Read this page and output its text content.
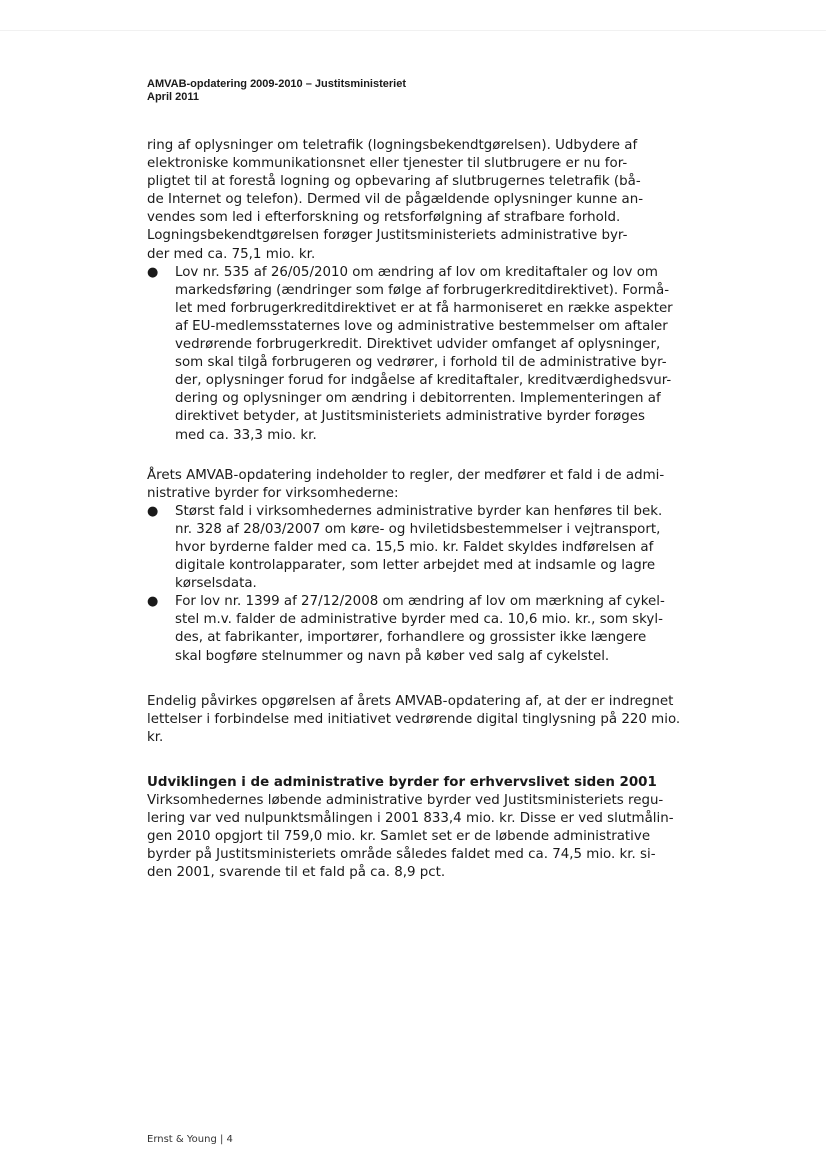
AMVAB-opdatering 2009-2010 – Justitsministeriet
April 2011
ring af oplysninger om teletrafik (logningsbekendtgørelsen). Udbydere af
elektroniske kommunikationsnet eller tjenester til slutbrugere er nu for-
pligtet til at forestå logning og opbevaring af slutbrugernes teletrafik (bå-
de Internet og telefon). Dermed vil de pågældende oplysninger kunne an-
vendes som led i efterforskning og retsforfølgning af strafbare forhold.
Logningsbekendtgørelsen forøger Justitsministeriets administrative byr-
der med ca. 75,1 mio. kr.
● Lov nr. 535 af 26/05/2010 om ændring af lov om kreditaftaler og lov om
markedsføring (ændringer som følge af forbrugerkreditdirektivet). Formå-
let med forbrugerkreditdirektivet er at få harmoniseret en række aspekter
af EU-medlemsstaternes love og administrative bestemmelser om aftaler
vedrørende forbrugerkredit. Direktivet udvider omfanget af oplysninger,
som skal tilgå forbrugeren og vedrører, i forhold til de administrative byr-
der, oplysninger forud for indgåelse af kreditaftaler, kreditværdighedsvur-
dering og oplysninger om ændring i debitorrenten. Implementeringen af
direktivet betyder, at Justitsministeriets administrative byrder forøges
med ca. 33,3 mio. kr.
Årets AMVAB-opdatering indeholder to regler, der medfører et fald i de admi-
nistrative byrder for virksomhederne:
● Størst fald i virksomhedernes administrative byrder kan henføres til bek.
nr. 328 af 28/03/2007 om køre- og hviletidsbestemmelser i vejtransport,
hvor byrderne falder med ca. 15,5 mio. kr. Faldet skyldes indførelsen af
digitale kontrolapparater, som letter arbejdet med at indsamle og lagre
kørselsdata.
● For lov nr. 1399 af 27/12/2008 om ændring af lov om mærkning af cykel-
stel m.v. falder de administrative byrder med ca. 10,6 mio. kr., som skyl-
des, at fabrikanter, importører, forhandlere og grossister ikke længere
skal bogføre stelnummer og navn på køber ved salg af cykelstel.
Endelig påvirkes opgørelsen af årets AMVAB-opdatering af, at der er indregnet
lettelser i forbindelse med initiativet vedrørende digital tinglysning på 220 mio.
kr.
Udviklingen i de administrative byrder for erhvervslivet siden 2001
Virksomhedernes løbende administrative byrder ved Justitsministeriets regu-
lering var ved nulpunktsmålingen i 2001 833,4 mio. kr. Disse er ved slutmålin-
gen 2010 opgjort til 759,0 mio. kr. Samlet set er de løbende administrative
byrder på Justitsministeriets område således faldet med ca. 74,5 mio. kr. si-
den 2001, svarende til et fald på ca. 8,9 pct.
Ernst & Young | 4
